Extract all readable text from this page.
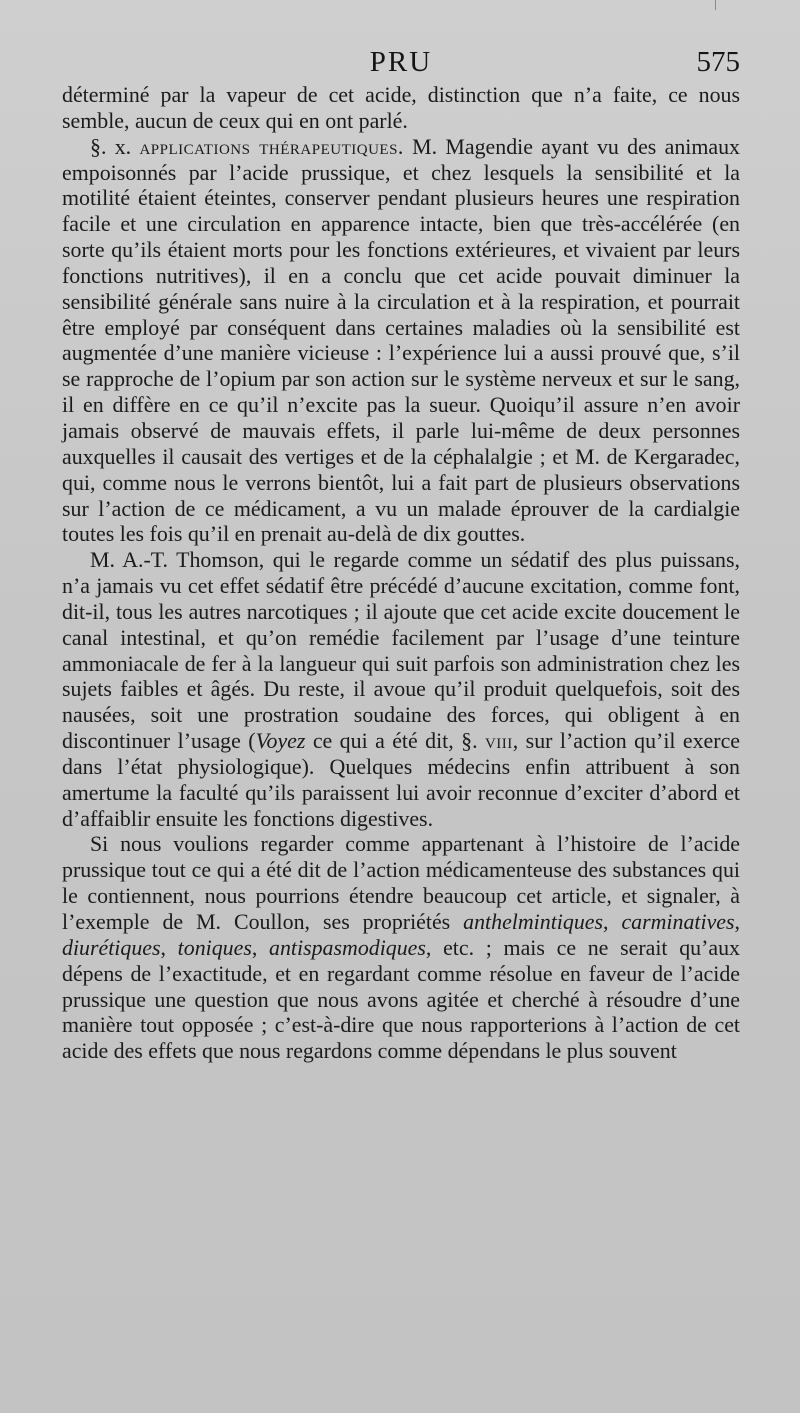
PRU	575

déterminé par la vapeur de cet acide, distinction que n’a faite, ce nous semble, aucun de ceux qui en ont parlé.

§. x. applications thérapeutiques. M. Magendie ayant vu des animaux empoisonnés par l’acide prussique, et chez lesquels la sensibilité et la motilité étaient éteintes, conserver pendant plusieurs heures une respiration facile et une circulation en apparence intacte, bien que très-accélérée (en sorte qu’ils étaient morts pour les fonctions extérieures, et vivaient par leurs fonctions nutritives), il en a conclu que cet acide pouvait diminuer la sensibilité générale sans nuire à la circulation et à la respiration, et pourrait être employé par conséquent dans certaines maladies où la sensibilité est augmentée d’une manière vicieuse : l’expérience lui a aussi prouvé que, s’il se rapproche de l’opium par son action sur le système nerveux et sur le sang, il en diffère en ce qu’il n’excite pas la sueur. Quoiqu’il assure n’en avoir jamais observé de mauvais effets, il parle lui-même de deux personnes auxquelles il causait des vertiges et de la céphalalgie ; et M. de Kergaradec, qui, comme nous le verrons bientôt, lui a fait part de plusieurs observations sur l’action de ce médicament, a vu un malade éprouver de la cardialgie toutes les fois qu’il en prenait au-delà de dix gouttes.

M. A.-T. Thomson, qui le regarde comme un sédatif des plus puissans, n’a jamais vu cet effet sédatif être précédé d’aucune excitation, comme font, dit-il, tous les autres narcotiques ; il ajoute que cet acide excite doucement le canal intestinal, et qu’on remédie facilement par l’usage d’une teinture ammoniacale de fer à la langueur qui suit parfois son administration chez les sujets faibles et âgés. Du reste, il avoue qu’il produit quelquefois, soit des nausées, soit une prostration soudaine des forces, qui obligent à en discontinuer l’usage (Voyez ce qui a été dit, §. viii, sur l’action qu’il exerce dans l’état physiologique). Quelques médecins enfin attribuent à son amertume la faculté qu’ils paraissent lui avoir reconnue d’exciter d’abord et d’affaiblir ensuite les fonctions digestives.

Si nous voulions regarder comme appartenant à l’histoire de l’acide prussique tout ce qui a été dit de l’action médicamenteuse des substances qui le contiennent, nous pourrions étendre beaucoup cet article, et signaler, à l’exemple de M. Coullon, ses propriétés anthelmintiques, carminatives, diurétiques, toniques, antispasmodiques, etc. ; mais ce ne serait qu’aux dépens de l’exactitude, et en regardant comme résolue en faveur de l’acide prussique une question que nous avons agitée et cherché à résoudre d’une manière tout opposée ; c’est-à-dire que nous rapporterions à l’action de cet acide des effets que nous regardons comme dépendans le plus souvent
